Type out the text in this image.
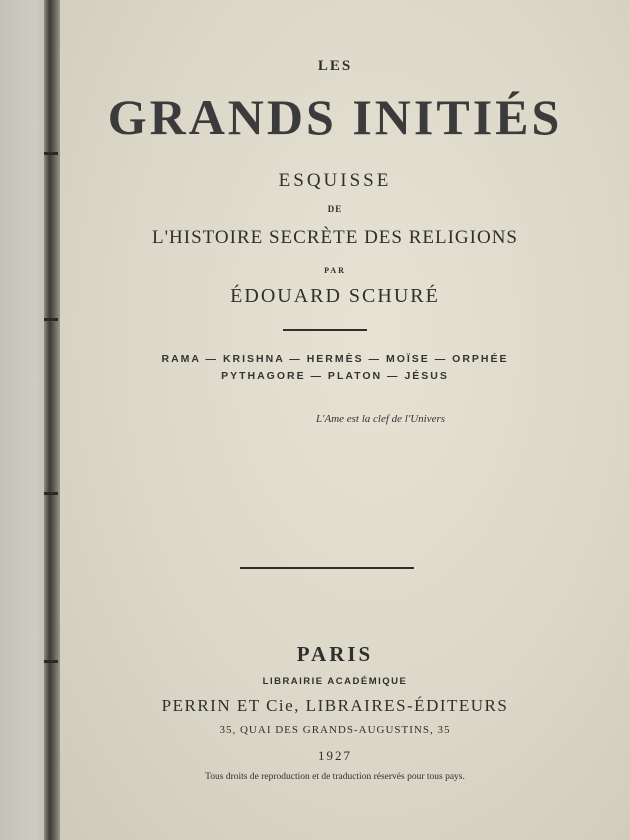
LES
GRANDS INITIÉS
ESQUISSE
DE
L'HISTOIRE SECRÈTE DES RELIGIONS
PAR
ÉDOUARD SCHURÉ
RAMA — KRISHNA — HERMÈS — MOÏSE — ORPHÉE
PYTHAGORE — PLATON — JÉSUS
L'Ame est la clef de l'Univers
PARIS
LIBRAIRIE ACADÉMIQUE
PERRIN ET Cie, LIBRAIRES-ÉDITEURS
35, QUAI DES GRANDS-AUGUSTINS, 35
1927
Tous droits de reproduction et de traduction réservés pour tous pays.
